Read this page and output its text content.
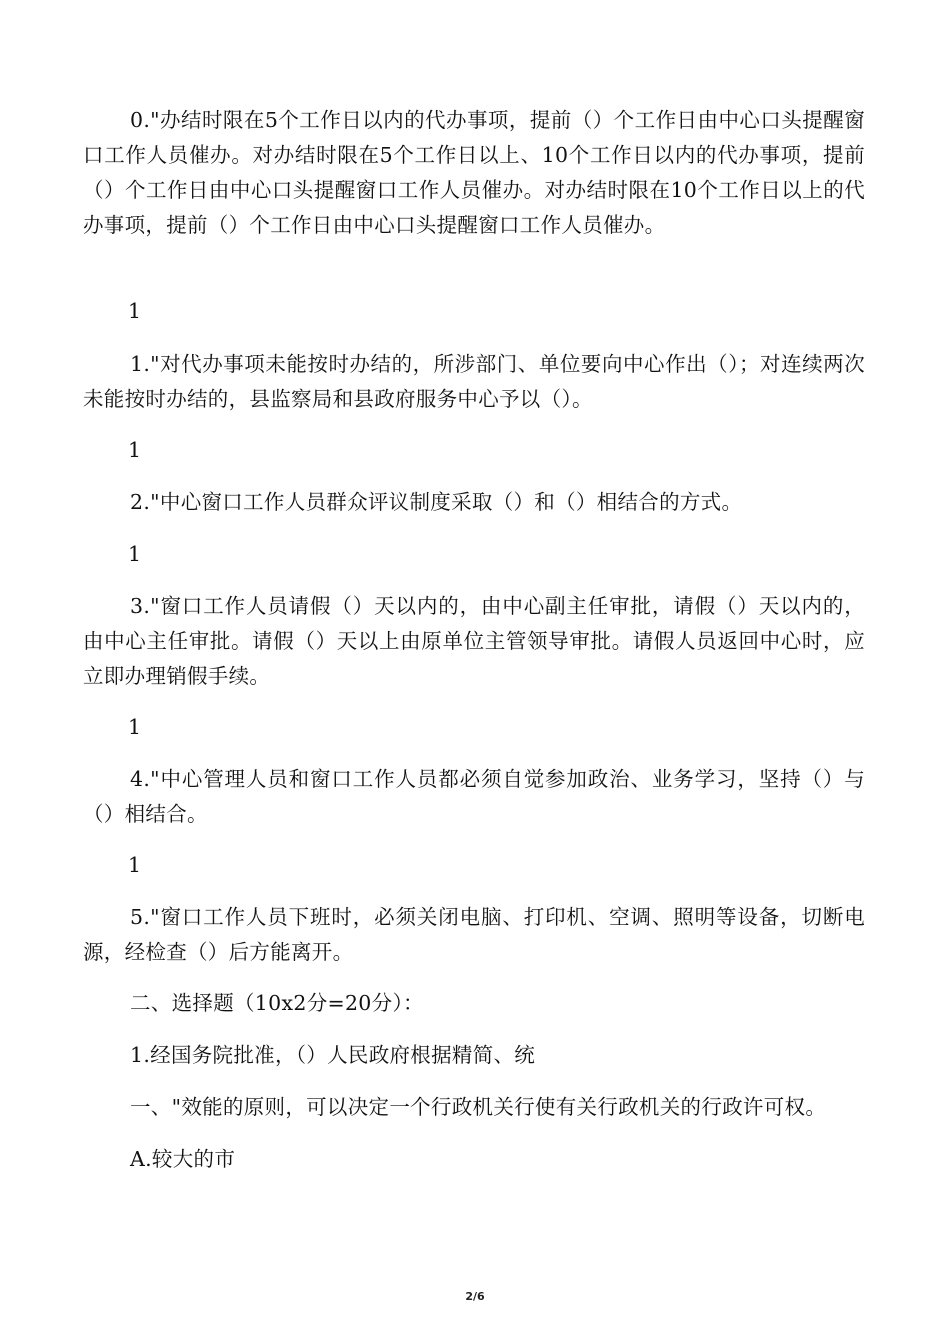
0."办结时限在5个工作日以内的代办事项，提前（）个工作日由中心口头提醒窗口工作人员催办。对办结时限在5个工作日以上、10个工作日以内的代办事项，提前（）个工作日由中心口头提醒窗口工作人员催办。对办结时限在10个工作日以上的代办事项，提前（）个工作日由中心口头提醒窗口工作人员催办。

1

1."对代办事项未能按时办结的，所涉部门、单位要向中心作出（）；对连续两次未能按时办结的，县监察局和县政府服务中心予以（）。

1

2."中心窗口工作人员群众评议制度采取（）和（）相结合的方式。

1

3."窗口工作人员请假（）天以内的，由中心副主任审批，请假（）天以内的，由中心主任审批。请假（）天以上由原单位主管领导审批。请假人员返回中心时，应立即办理销假手续。

1

4."中心管理人员和窗口工作人员都必须自觉参加政治、业务学习，坚持（）与（）相结合。

1

5."窗口工作人员下班时，必须关闭电脑、打印机、空调、照明等设备，切断电源，经检查（）后方能离开。

二、选择题（10x2分=20分）：

1.经国务院批准，（）人民政府根据精简、统

一、"效能的原则，可以决定一个行政机关行使有关行政机关的行政许可权。

A.较大的市

2/6
